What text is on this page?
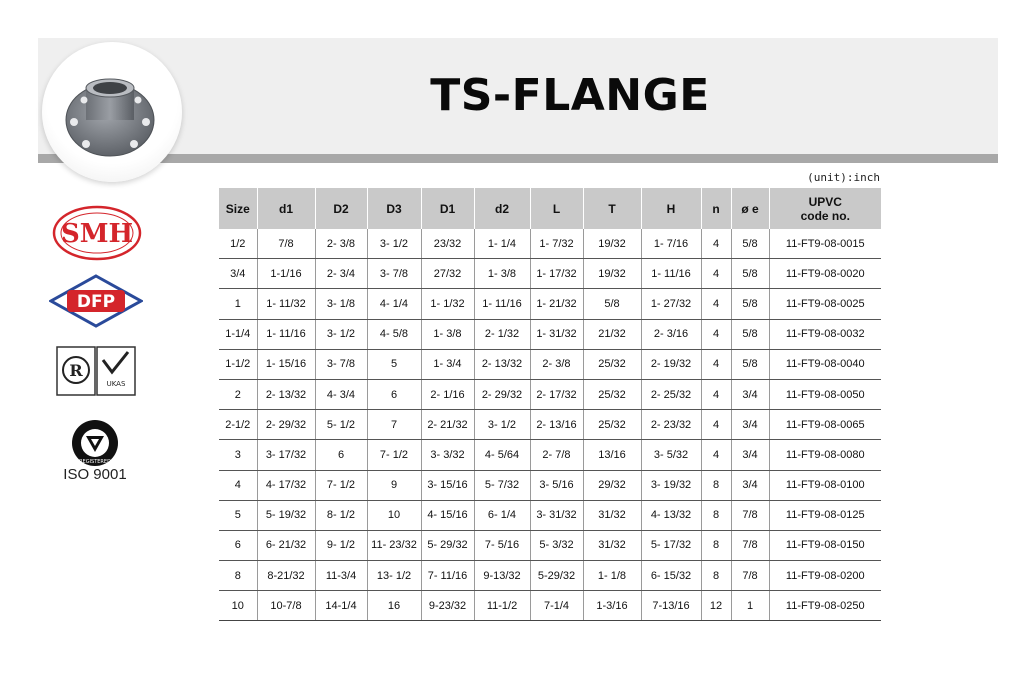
TS-FLANGE
SMH
DFP
R
UKAS
REGISTERED
ISO 9001
(unit):inch
Size	d1	D2	D3	D1	d2	L	T	H	n	ø e	UPVC
code no.

1/2	7/8	2- 3/8	3- 1/2	23/32	1- 1/4	1- 7/32	19/32	1- 7/16	4	5/8	11-FT9-08-0015
3/4	1-1/16	2- 3/4	3- 7/8	27/32	1- 3/8	1- 17/32	19/32	1- 11/16	4	5/8	11-FT9-08-0020
1	1- 11/32	3- 1/8	4- 1/4	1- 1/32	1- 11/16	1- 21/32	5/8	1- 27/32	4	5/8	11-FT9-08-0025
1-1/4	1- 11/16	3- 1/2	4- 5/8	1- 3/8	2- 1/32	1- 31/32	21/32	2- 3/16	4	5/8	11-FT9-08-0032
1-1/2	1- 15/16	3- 7/8	5	1- 3/4	2- 13/32	2- 3/8	25/32	2- 19/32	4	5/8	11-FT9-08-0040
2	2- 13/32	4- 3/4	6	2- 1/16	2- 29/32	2- 17/32	25/32	2- 25/32	4	3/4	11-FT9-08-0050
2-1/2	2- 29/32	5- 1/2	7	2- 21/32	3- 1/2	2- 13/16	25/32	2- 23/32	4	3/4	11-FT9-08-0065
3	3- 17/32	6	7- 1/2	3- 3/32	4- 5/64	2- 7/8	13/16	3- 5/32	4	3/4	11-FT9-08-0080
4	4- 17/32	7- 1/2	9	3- 15/16	5- 7/32	3- 5/16	29/32	3- 19/32	8	3/4	11-FT9-08-0100
5	5- 19/32	8- 1/2	10	4- 15/16	6- 1/4	3- 31/32	31/32	4- 13/32	8	7/8	11-FT9-08-0125
6	6- 21/32	9- 1/2	11- 23/32	5- 29/32	7- 5/16	5- 3/32	31/32	5- 17/32	8	7/8	11-FT9-08-0150
8	8-21/32	11-3/4	13- 1/2	7- 11/16	9-13/32	5-29/32	1- 1/8	6- 15/32	8	7/8	11-FT9-08-0200
10	10-7/8	14-1/4	16	9-23/32	11-1/2	7-1/4	1-3/16	7-13/16	12	1	11-FT9-08-0250
